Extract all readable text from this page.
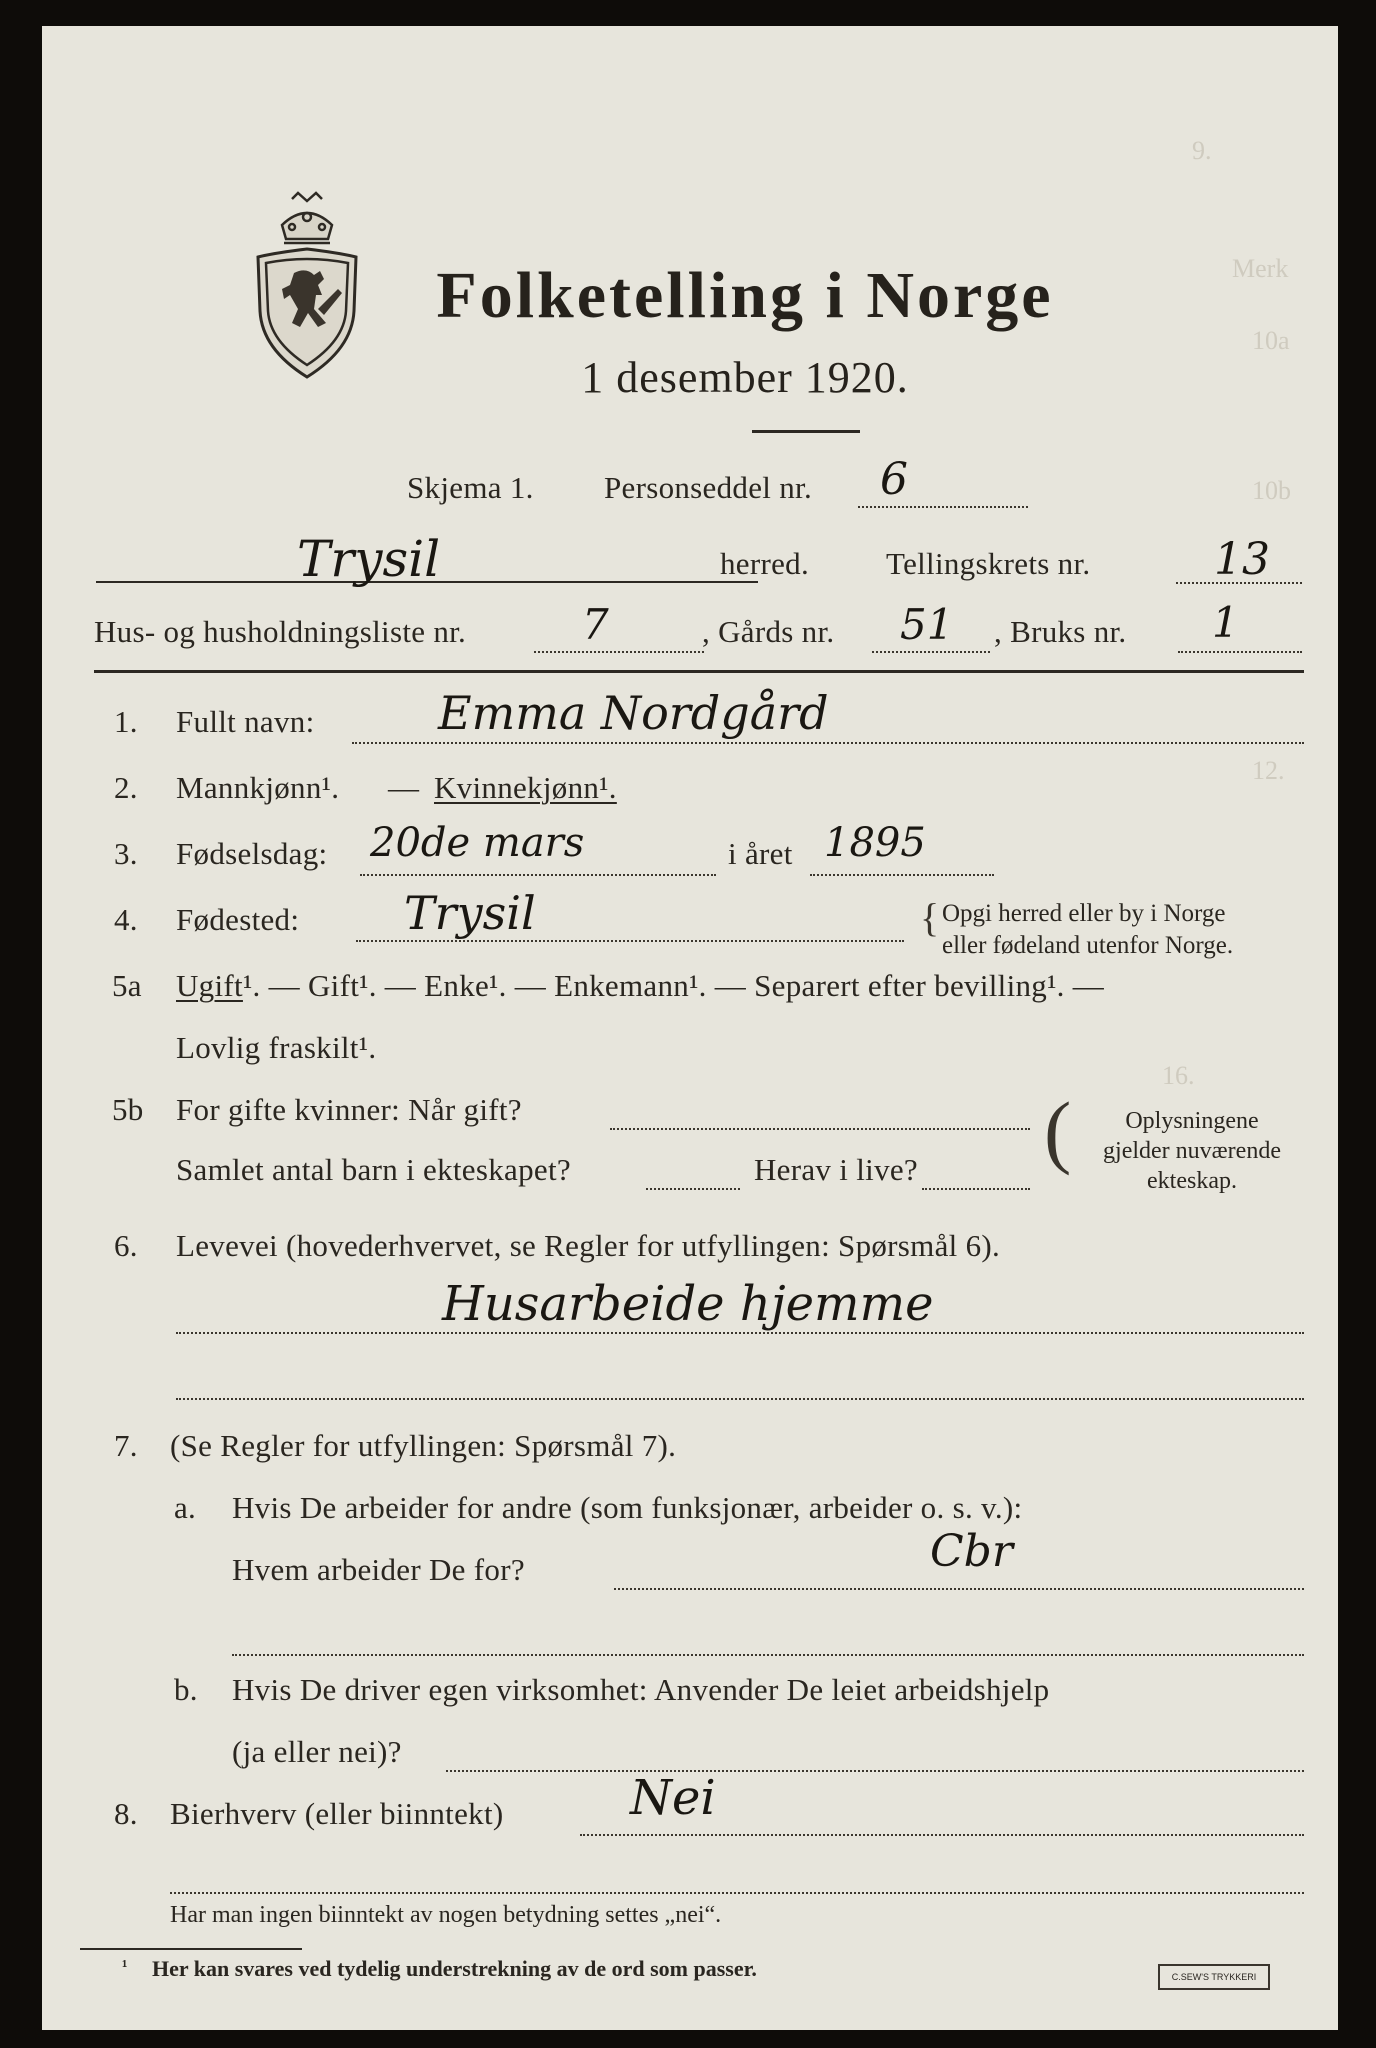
9.
Merk
10a
10b
12.
16.
Folketelling i Norge
1 desember 1920.
Skjema 1. Personseddel nr. 6
Trysil	herred. Tellingskrets nr.	13
Hus- og husholdningsliste nr.	7	, Gårds nr. 51 , Bruks nr. 1
1. Fullt navn:	Emma Nordgård
2. Mannkjønn¹. — Kvinnekjønn¹.
3. Fødselsdag: 20de mars	i året 1895
4. Fødested: Trysil	{ Opgi herred eller by i Norge
eller fødeland utenfor Norge.
5a Ugift¹. — Gift¹. — Enke¹. — Enkemann¹. — Separert efter bevilling¹. —
Lovlig fraskilt¹.
5b For gifte kvinner: Når gift?
Samlet antal barn i ekteskapet?	Herav i live? (	Oplysningene
gjelder nuværende
ekteskap.
6. Levevei (hovederhvervet, se Regler for utfyllingen: Spørsmål 6).
Husarbeide hjemme
7. (Se Regler for utfyllingen: Spørsmål 7).
a. Hvis De arbeider for andre (som funksjonær, arbeider o. s. v.):
Hvem arbeider De for?	Cbr
b. Hvis De driver egen virksomhet: Anvender De leiet arbeidshjelp
(ja eller nei)?
8. Bierhverv (eller biinntekt)	Nei
Har man ingen biinntekt av nogen betydning settes „nei“.
¹ Her kan svares ved tydelig understrekning av de ord som passer.	C.SEW'S TRYKKERI
